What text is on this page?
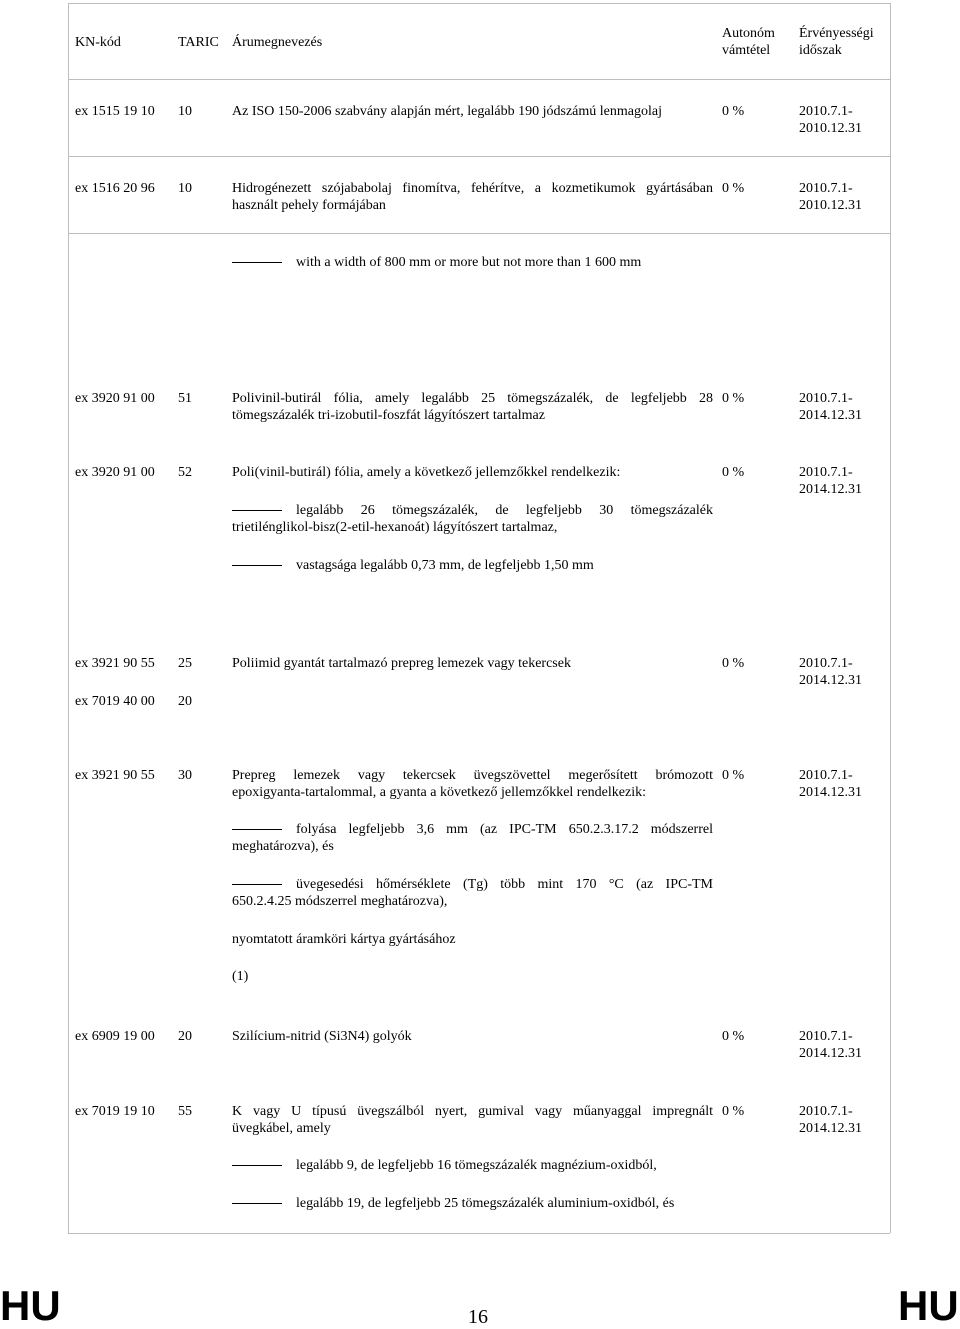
KN-kód	TARIC Árumegnevezés
Autonóm
vámtétel
Érvényességi
időszak
ex 1515 19 10 10	Az ISO 150-2006 szabvány alapján mért, legalább 190 jódszámú lenmagolaj	0 %	2010.7.1-
2010.12.31
ex 1516 20 96 10	Hidrogénezett szójababolaj finomítva, fehérítve, a kozmetikumok gyártásában
használt pehely formájában
0 %	2010.7.1-
2010.12.31
with a width of 800 mm or more but not more than 1 600 mm
ex 3920 91 00 51	Polivinil-butirál fólia, amely legalább 25 tömegszázalék, de legfeljebb 28
tömegszázalék tri-izobutil-foszfát lágyítószert tartalmaz
0 %	2010.7.1-
2014.12.31
ex 3920 91 00 52	Poli(vinil-butirál) fólia, amely a következő jellemzőkkel rendelkezik:
legalább 26 tömegszázalék, de legfeljebb 30 tömegszázalék
trietilénglikol-bisz(2-etil-hexanoát) lágyítószert tartalmaz,
vastagsága legalább 0,73 mm, de legfeljebb 1,50 mm
0 %	2010.7.1-
2014.12.31
ex 3921 90 55 25
ex 7019 40 00 20
Poliimid gyantát tartalmazó prepreg lemezek vagy tekercsek	0 %	2010.7.1-
2014.12.31
ex 3921 90 55 30	Prepreg lemezek vagy tekercsek üvegszövettel megerősített brómozott
epoxigyanta-tartalommal, a gyanta a következő jellemzőkkel rendelkezik:
folyása legfeljebb 3,6 mm (az IPC-TM 650.2.3.17.2 módszerrel
meghatározva), és
üvegesedési hőmérséklete (Tg) több mint 170 °C (az IPC-TM
650.2.4.25 módszerrel meghatározva),
nyomtatott áramköri kártya gyártásához
(1)
0 %	2010.7.1-
2014.12.31
ex 6909 19 00 20	Szilícium-nitrid (Si3N4) golyók	0 %	2010.7.1-
2014.12.31
ex 7019 19 10 55	K vagy U típusú üvegszálból nyert, gumival vagy műanyaggal impregnált
üvegkábel, amely
legalább 9, de legfeljebb 16 tömegszázalék magnézium-oxidból,
legalább 19, de legfeljebb 25 tömegszázalék aluminium-oxidból, és
0 %	2010.7.1-
2014.12.31
HU	16	HU
